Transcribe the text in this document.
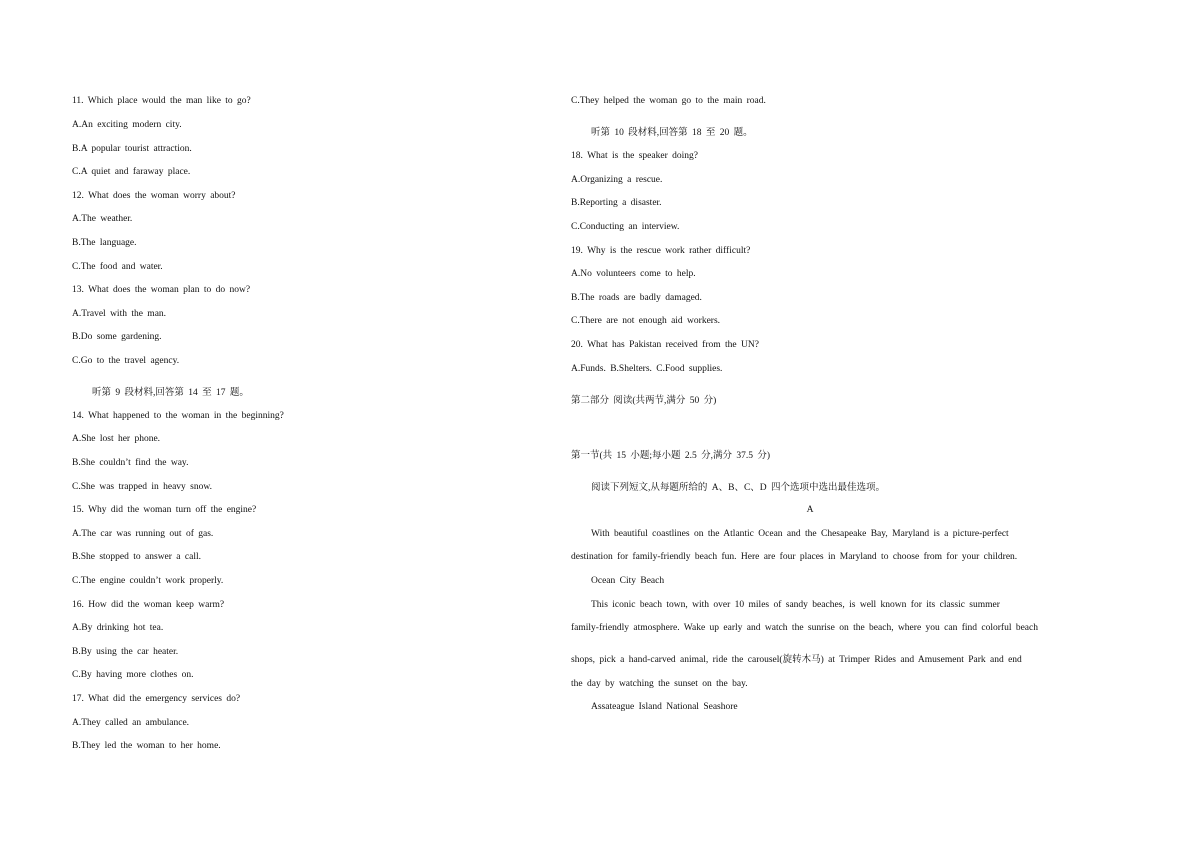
11. Which place would the man like to go?
A.An exciting modern city.
B.A popular tourist attraction.
C.A quiet and faraway place.
12. What does the woman worry about?
A.The weather.
B.The language.
C.The food and water.
13. What does the woman plan to do now?
A.Travel with the man.
B.Do some gardening.
C.Go to the travel agency.
听第 9 段材料,回答第 14 至 17 题。
14. What happened to the woman in the beginning?
A.She lost her phone.
B.She couldn’t find the way.
C.She was trapped in heavy snow.
15. Why did the woman turn off the engine?
A.The car was running out of gas.
B.She stopped to answer a call.
C.The engine couldn’t work properly.
16. How did the woman keep warm?
A.By drinking hot tea.
B.By using the car heater.
C.By having more clothes on.
17. What did the emergency services do?
A.They called an ambulance.
B.They led the woman to her home.
C.They helped the woman go to the main road.
听第 10 段材料,回答第 18 至 20 题。
18. What is the speaker doing?
A.Organizing a rescue.
B.Reporting a disaster.
C.Conducting an interview.
19. Why is the rescue work rather difficult?
A.No volunteers come to help.
B.The roads are badly damaged.
C.There are not enough aid workers.
20. What has Pakistan received from the UN?
A.Funds. B.Shelters. C.Food supplies.
第二部分 阅读(共两节,满分 50 分)
第一节(共 15 小题;每小题 2.5 分,满分 37.5 分)
阅读下列短文,从每题所给的 A、B、C、D 四个选项中选出最佳选项。
A
With beautiful coastlines on the Atlantic Ocean and the Chesapeake Bay, Maryland is a picture-perfect
destination for family-friendly beach fun. Here are four places in Maryland to choose from for your children.
Ocean City Beach
This iconic beach town, with over 10 miles of sandy beaches, is well known for its classic summer
family-friendly atmosphere. Wake up early and watch the sunrise on the beach, where you can find colorful beach
shops, pick a hand-carved animal, ride the carousel(旋转木马) at Trimper Rides and Amusement Park and end
the day by watching the sunset on the bay.
Assateague Island National Seashore
